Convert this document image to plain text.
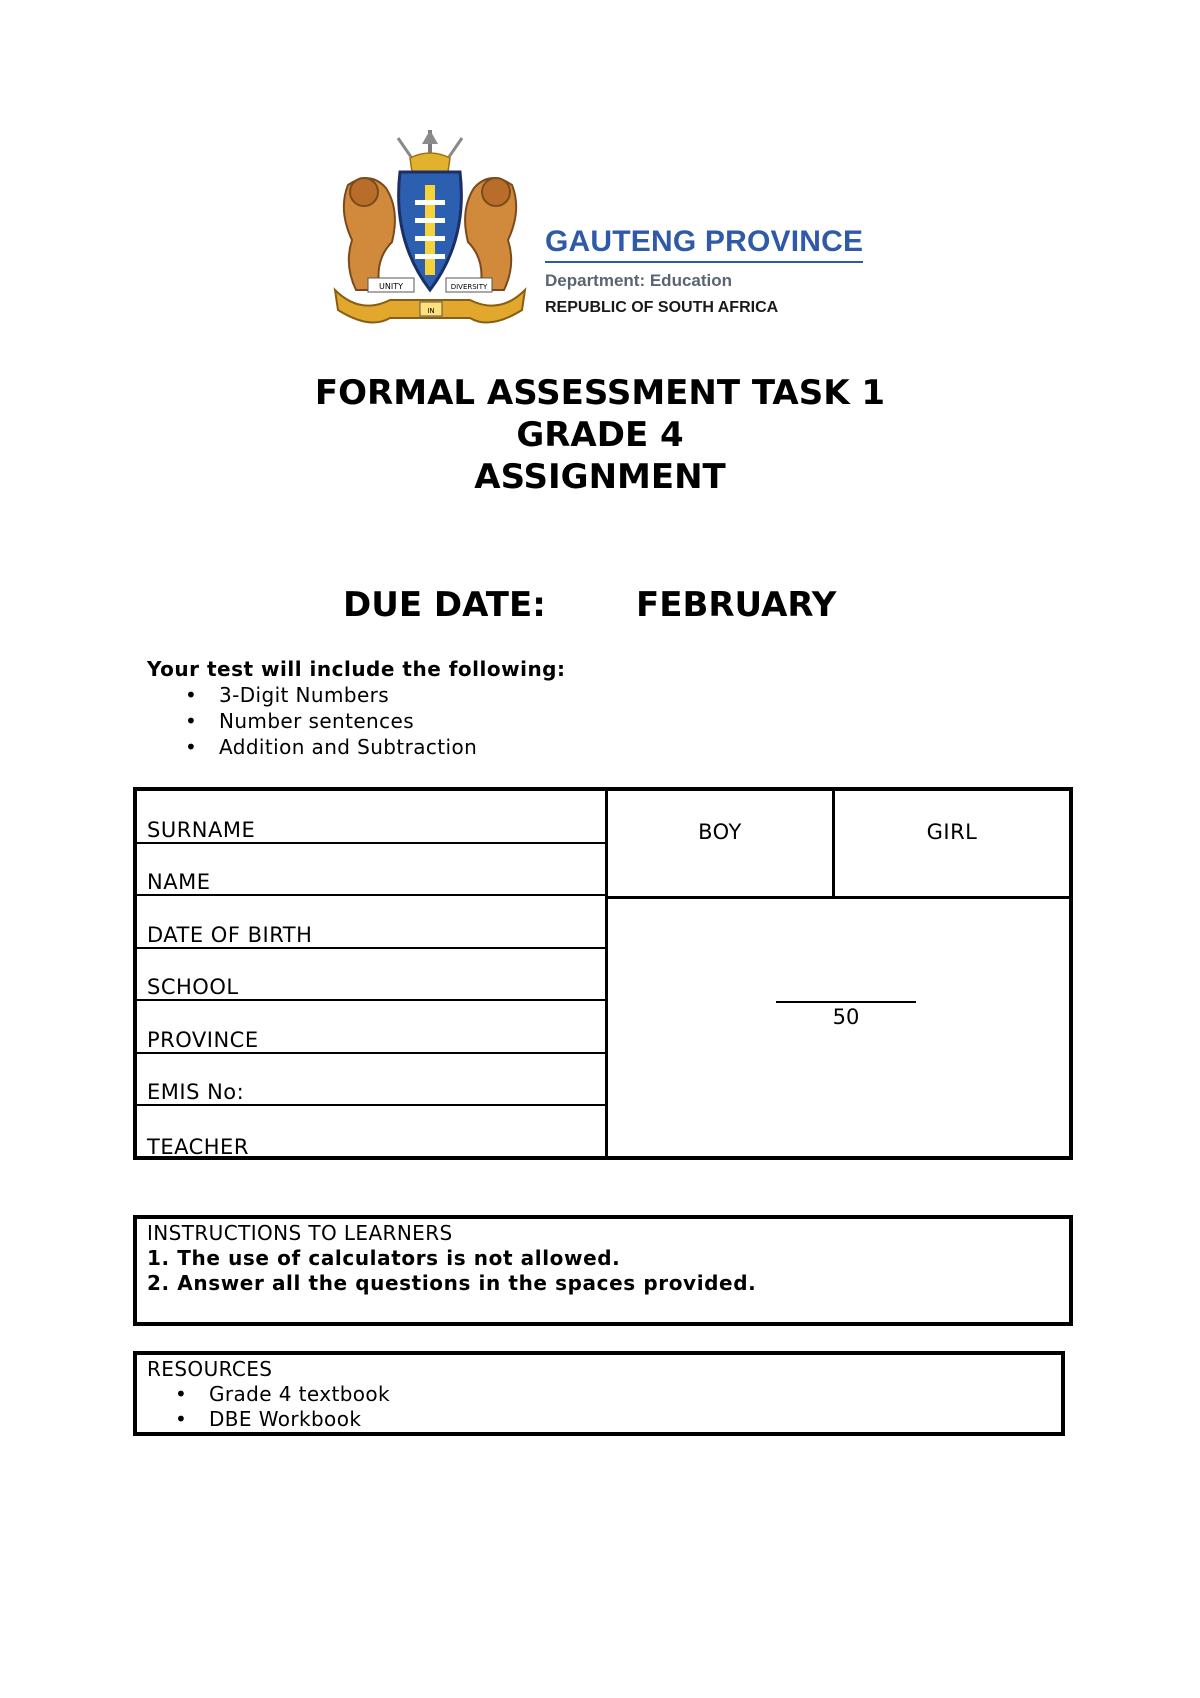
UNITY	DIVERSITY
IN
GAUTENG PROVINCE
Department: Education
REPUBLIC OF SOUTH AFRICA
FORMAL ASSESSMENT TASK 1
GRADE 4
ASSIGNMENT
DUE DATE:	FEBRUARY
Your test will include the following:
• 3-Digit Numbers
• Number sentences
• Addition and Subtraction
SURNAME
NAME
DATE OF BIRTH
SCHOOL
PROVINCE
EMIS No:
TEACHER
BOY	GIRL
50
INSTRUCTIONS TO LEARNERS
1. The use of calculators is not allowed.
2. Answer all the questions in the spaces provided.
RESOURCES
• Grade 4 textbook
• DBE Workbook
